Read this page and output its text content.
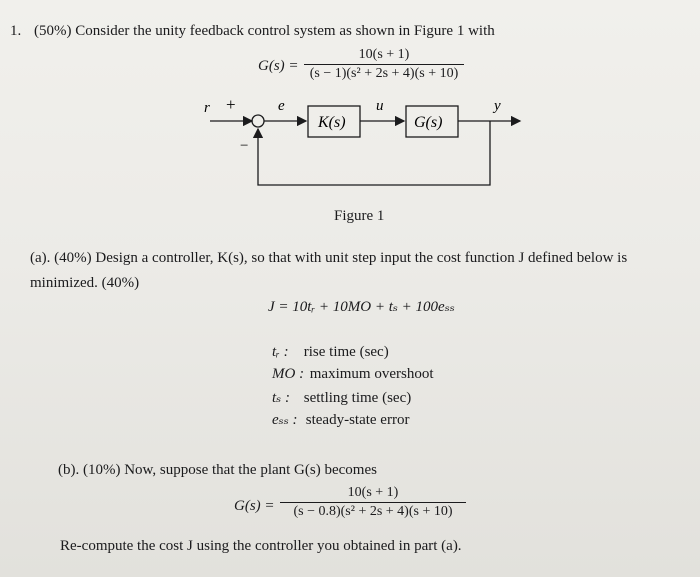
1. (50%) Consider the unity feedback control system as shown in Figure 1 with
G(s) =
10(s + 1)
(s − 1)(s² + 2s + 4)(s + 10)
r +
−
e	u	y
K(s)	G(s)
Figure 1
(a). (40%) Design a controller, K(s), so that with unit step input the cost function J defined below is
minimized. (40%)
J = 10tᵣ + 10MO + tₛ + 100eₛₛ
tᵣ : rise time (sec)
MO : maximum overshoot
tₛ : settling time (sec)
eₛₛ : steady-state error
(b). (10%) Now, suppose that the plant G(s) becomes
G(s) =
10(s + 1)
(s − 0.8)(s² + 2s + 4)(s + 10)
Re-compute the cost J using the controller you obtained in part (a).
